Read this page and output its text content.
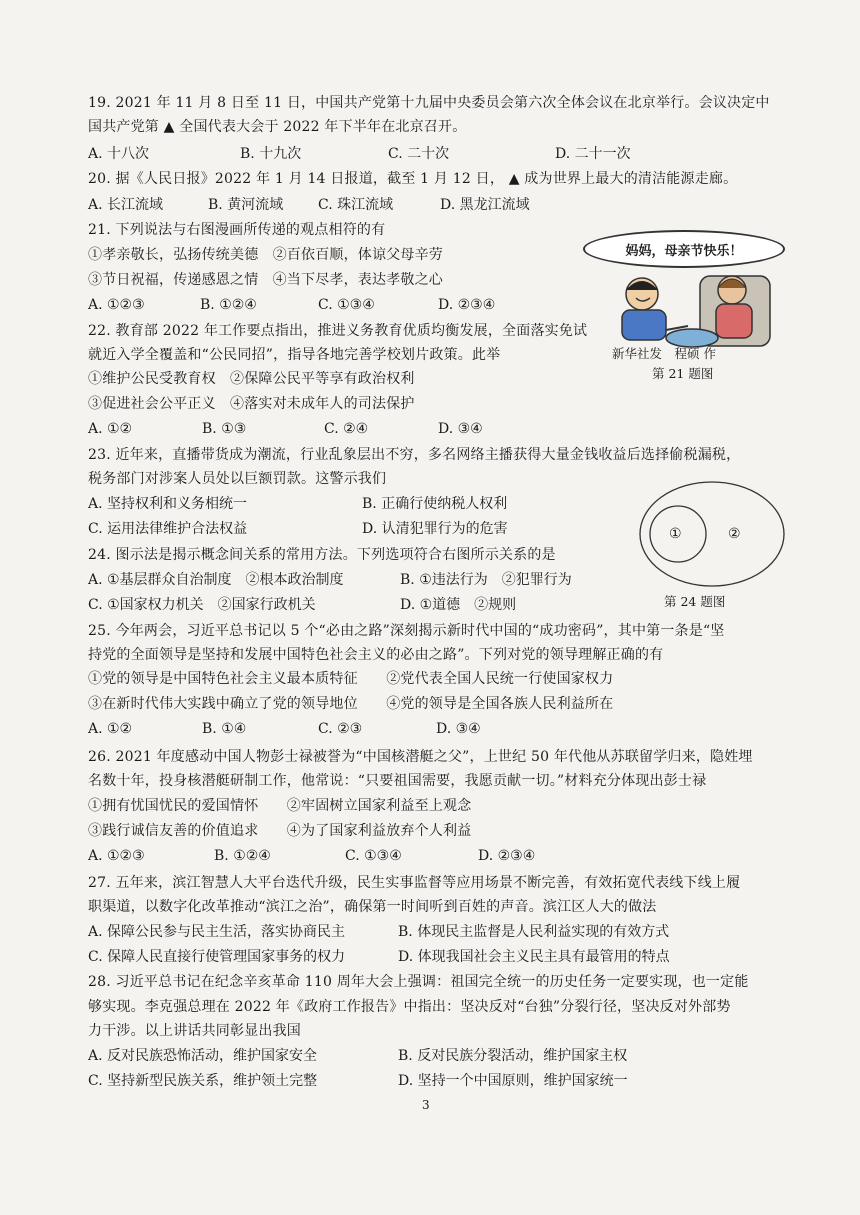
19. 2021 年 11 月 8 日至 11 日，中国共产党第十九届中央委员会第六次全体会议在北京举行。会议决定中
国共产党第 ▲ 全国代表大会于 2022 年下半年在北京召开。
A. 十八次	B. 十九次	C. 二十次	D. 二十一次
20. 据《人民日报》2022 年 1 月 14 日报道，截至 1 月 12 日， ▲ 成为世界上最大的清洁能源走廊。
A. 长江流域	B. 黄河流域 C. 珠江流域	D. 黑龙江流域
21. 下列说法与右图漫画所传递的观点相符的有
①孝亲敬长，弘扬传统美德　②百依百顺，体谅父母辛劳
③节日祝福，传递感恩之情　④当下尽孝，表达孝敬之心
A. ①②③	B. ①②④	C. ①③④	D. ②③④
妈妈，母亲节快乐！
新华社发　程硕 作
第 21 题图
22. 教育部 2022 年工作要点指出，推进义务教育优质均衡发展，全面落实免试
就近入学全覆盖和“公民同招”，指导各地完善学校划片政策。此举
①维护公民受教育权　②保障公民平等享有政治权利
③促进社会公平正义　④落实对未成年人的司法保护
A. ①②	B. ①③	C. ②④	D. ③④
23. 近年来，直播带货成为潮流，行业乱象层出不穷，多名网络主播获得大量金钱收益后选择偷税漏税，
税务部门对涉案人员处以巨额罚款。这警示我们
A. 坚持权利和义务相统一	B. 正确行使纳税人权利
C. 运用法律维护合法权益	D. 认清犯罪行为的危害	①	②
第 24 题图
24. 图示法是揭示概念间关系的常用方法。下列选项符合右图所示关系的是
A. ①基层群众自治制度　②根本政治制度	B. ①违法行为　②犯罪行为
C. ①国家权力机关　②国家行政机关	D. ①道德　②规则
25. 今年两会，习近平总书记以 5 个“必由之路”深刻揭示新时代中国的“成功密码”，其中第一条是“坚
持党的全面领导是坚持和发展中国特色社会主义的必由之路”。下列对党的领导理解正确的有
①党的领导是中国特色社会主义最本质特征　　②党代表全国人民统一行使国家权力
③在新时代伟大实践中确立了党的领导地位　　④党的领导是全国各族人民利益所在
A. ①②	B. ①④	C. ②③	D. ③④
26. 2021 年度感动中国人物彭士禄被誉为“中国核潜艇之父”，上世纪 50 年代他从苏联留学归来，隐姓埋
名数十年，投身核潜艇研制工作，他常说：“只要祖国需要，我愿贡献一切。”材料充分体现出彭士禄
①拥有忧国忧民的爱国情怀　　②牢固树立国家利益至上观念
③践行诚信友善的价值追求　　④为了国家利益放弃个人利益
A. ①②③	B. ①②④	C. ①③④	D. ②③④
27. 五年来，滨江智慧人大平台迭代升级，民生实事监督等应用场景不断完善，有效拓宽代表线下线上履
职渠道，以数字化改革推动“滨江之治”，确保第一时间听到百姓的声音。滨江区人大的做法
A. 保障公民参与民主生活，落实协商民主	B. 体现民主监督是人民利益实现的有效方式
C. 保障人民直接行使管理国家事务的权力	D. 体现我国社会主义民主具有最管用的特点
28. 习近平总书记在纪念辛亥革命 110 周年大会上强调：祖国完全统一的历史任务一定要实现，也一定能
够实现。李克强总理在 2022 年《政府工作报告》中指出：坚决反对“台独”分裂行径，坚决反对外部势
力干涉。以上讲话共同彰显出我国
A. 反对民族恐怖活动，维护国家安全	B. 反对民族分裂活动，维护国家主权
C. 坚持新型民族关系，维护领土完整	D. 坚持一个中国原则，维护国家统一
3
